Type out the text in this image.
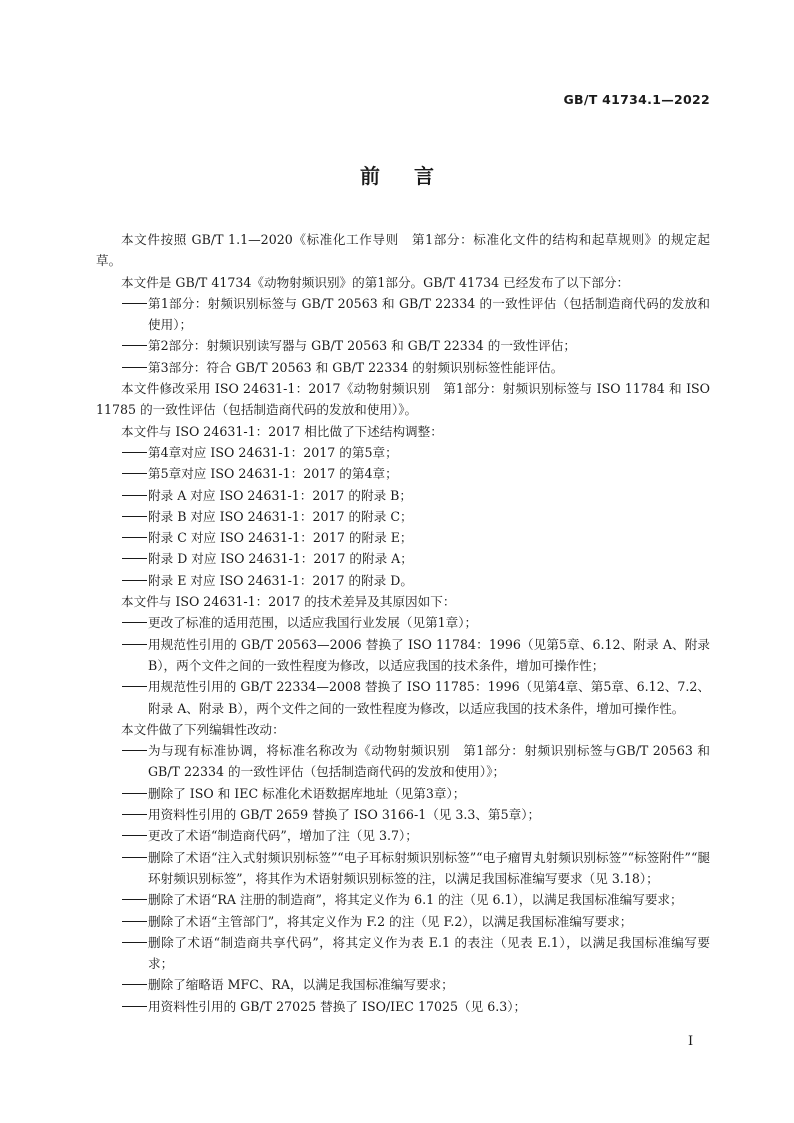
GB/T 41734.1—2022
前言

本文件按照 GB/T 1.1—2020《标准化工作导则　第1部分：标准化文件的结构和起草规则》的规定起草。

本文件是 GB/T 41734《动物射频识别》的第1部分。GB/T 41734 已经发布了以下部分：

第1部分：射频识别标签与 GB/T 20563 和 GB/T 22334 的一致性评估（包括制造商代码的发放和使用）；

第2部分：射频识别读写器与 GB/T 20563 和 GB/T 22334 的一致性评估；

第3部分：符合 GB/T 20563 和 GB/T 22334 的射频识别标签性能评估。

本文件修改采用 ISO 24631-1：2017《动物射频识别　第1部分：射频识别标签与 ISO 11784 和 ISO 11785 的一致性评估（包括制造商代码的发放和使用）》。

本文件与 ISO 24631-1：2017 相比做了下述结构调整：

第4章对应 ISO 24631-1：2017 的第5章；

第5章对应 ISO 24631-1：2017 的第4章；

附录 A 对应 ISO 24631-1：2017 的附录 B；

附录 B 对应 ISO 24631-1：2017 的附录 C；

附录 C 对应 ISO 24631-1：2017 的附录 E；

附录 D 对应 ISO 24631-1：2017 的附录 A；

附录 E 对应 ISO 24631-1：2017 的附录 D。

本文件与 ISO 24631-1：2017 的技术差异及其原因如下：

更改了标准的适用范围，以适应我国行业发展（见第1章）；

用规范性引用的 GB/T 20563—2006 替换了 ISO 11784：1996（见第5章、6.12、附录 A、附录 B），两个文件之间的一致性程度为修改，以适应我国的技术条件，增加可操作性；

用规范性引用的 GB/T 22334—2008 替换了 ISO 11785：1996（见第4章、第5章、6.12、7.2、附录 A、附录 B），两个文件之间的一致性程度为修改，以适应我国的技术条件，增加可操作性。

本文件做了下列编辑性改动：

为与现有标准协调，将标准名称改为《动物射频识别　第1部分：射频识别标签与GB/T 20563 和 GB/T 22334 的一致性评估（包括制造商代码的发放和使用）》；

删除了 ISO 和 IEC 标准化术语数据库地址（见第3章）；

用资料性引用的 GB/T 2659 替换了 ISO 3166-1（见 3.3、第5章）；

更改了术语“制造商代码”，增加了注（见 3.7）；

删除了术语“注入式射频识别标签”“电子耳标射频识别标签”“电子瘤胃丸射频识别标签”“标签附件”“腿环射频识别标签”，将其作为术语射频识别标签的注，以满足我国标准编写要求（见 3.18）；

删除了术语“RA 注册的制造商”，将其定义作为 6.1 的注（见 6.1），以满足我国标准编写要求；

删除了术语“主管部门”，将其定义作为 F.2 的注（见 F.2），以满足我国标准编写要求；

删除了术语“制造商共享代码”，将其定义作为表 E.1 的表注（见表 E.1），以满足我国标准编写要求；

删除了缩略语 MFC、RA，以满足我国标准编写要求；

用资料性引用的 GB/T 27025 替换了 ISO/IEC 17025（见 6.3）；

I
